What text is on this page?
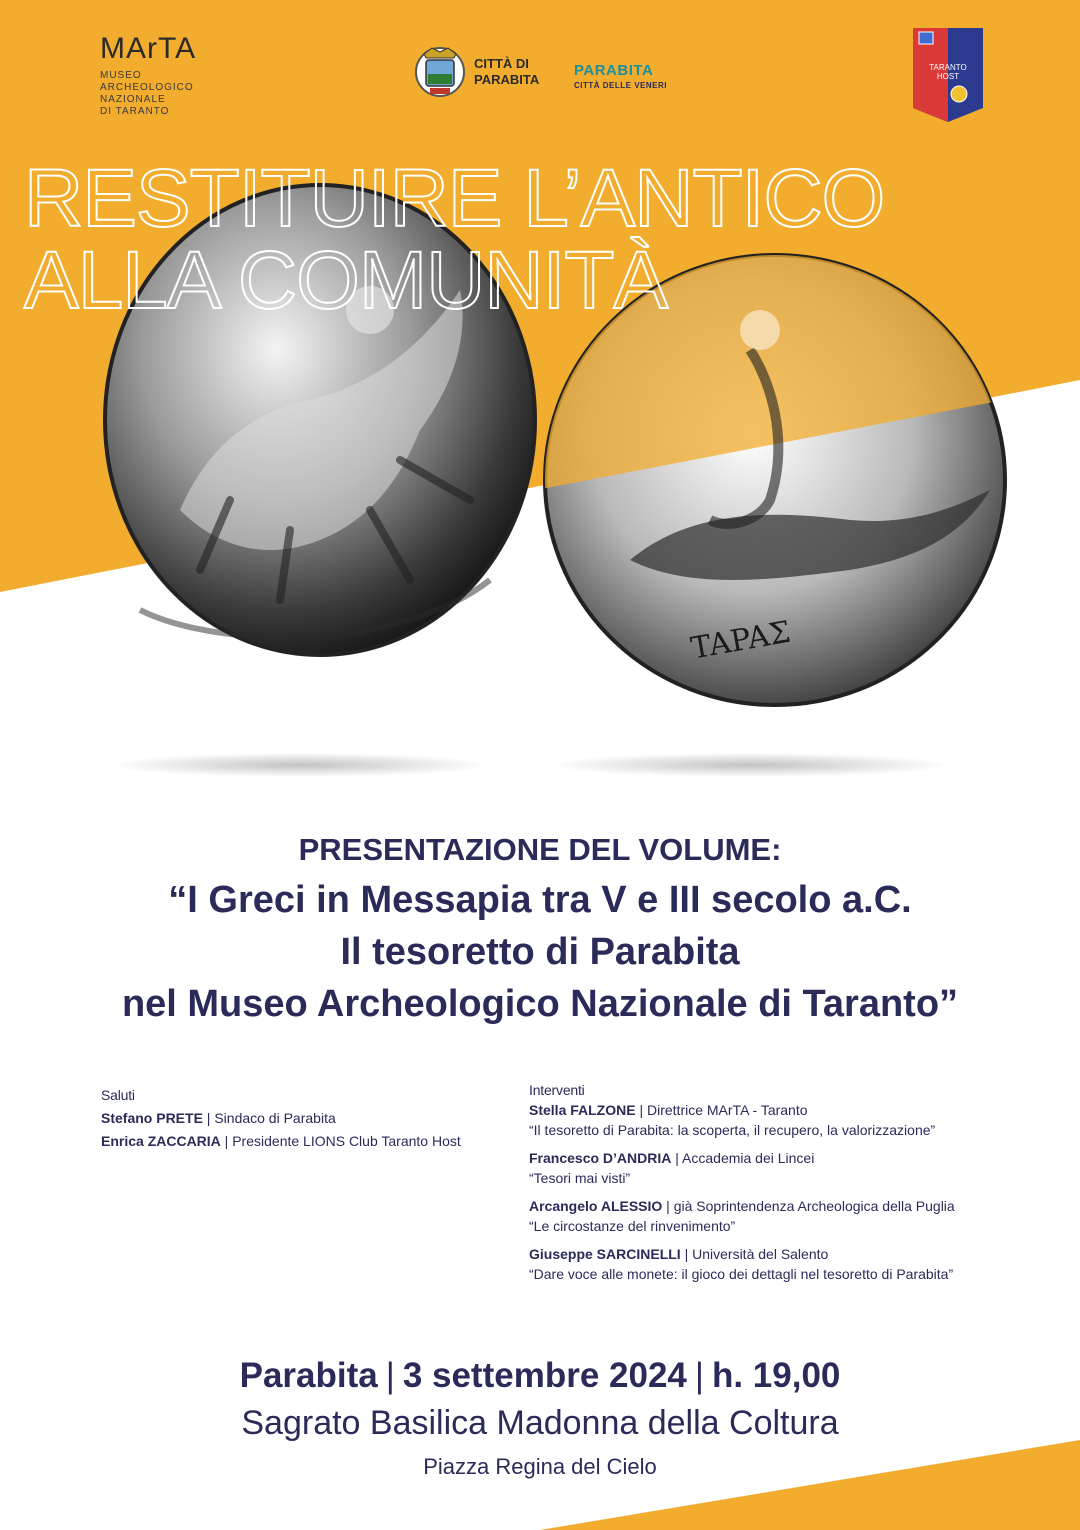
MArTA
MUSEO
ARCHEOLOGICO
NAZIONALE
DI TARANTO
CITTÀ DI
PARABITA
PARABITA
CITTÀ DELLE VENERI
TARANTO
HOST
TAPAΣ
RESTITUIRE L’ANTICO
ALLA COMUNITÀ
PRESENTAZIONE DEL VOLUME:
“I Greci in Messapia tra V e III secolo a.C.
Il tesoretto di Parabita
nel Museo Archeologico Nazionale di Taranto”
Saluti
Stefano PRETE | Sindaco di Parabita
Enrica ZACCARIA | Presidente LIONS Club Taranto Host
Interventi
Stella FALZONE | Direttrice MArTA - Taranto
“Il tesoretto di Parabita: la scoperta, il recupero, la valorizzazione”
Francesco D’ANDRIA | Accademia dei Lincei
“Tesori mai visti”
Arcangelo ALESSIO | già Soprintendenza Archeologica della Puglia
“Le circostanze del rinvenimento”
Giuseppe SARCINELLI | Università del Salento
“Dare voce alle monete: il gioco dei dettagli nel tesoretto di Parabita”
Parabita | 3 settembre 2024 | h. 19,00
Sagrato Basilica Madonna della Coltura
Piazza Regina del Cielo
